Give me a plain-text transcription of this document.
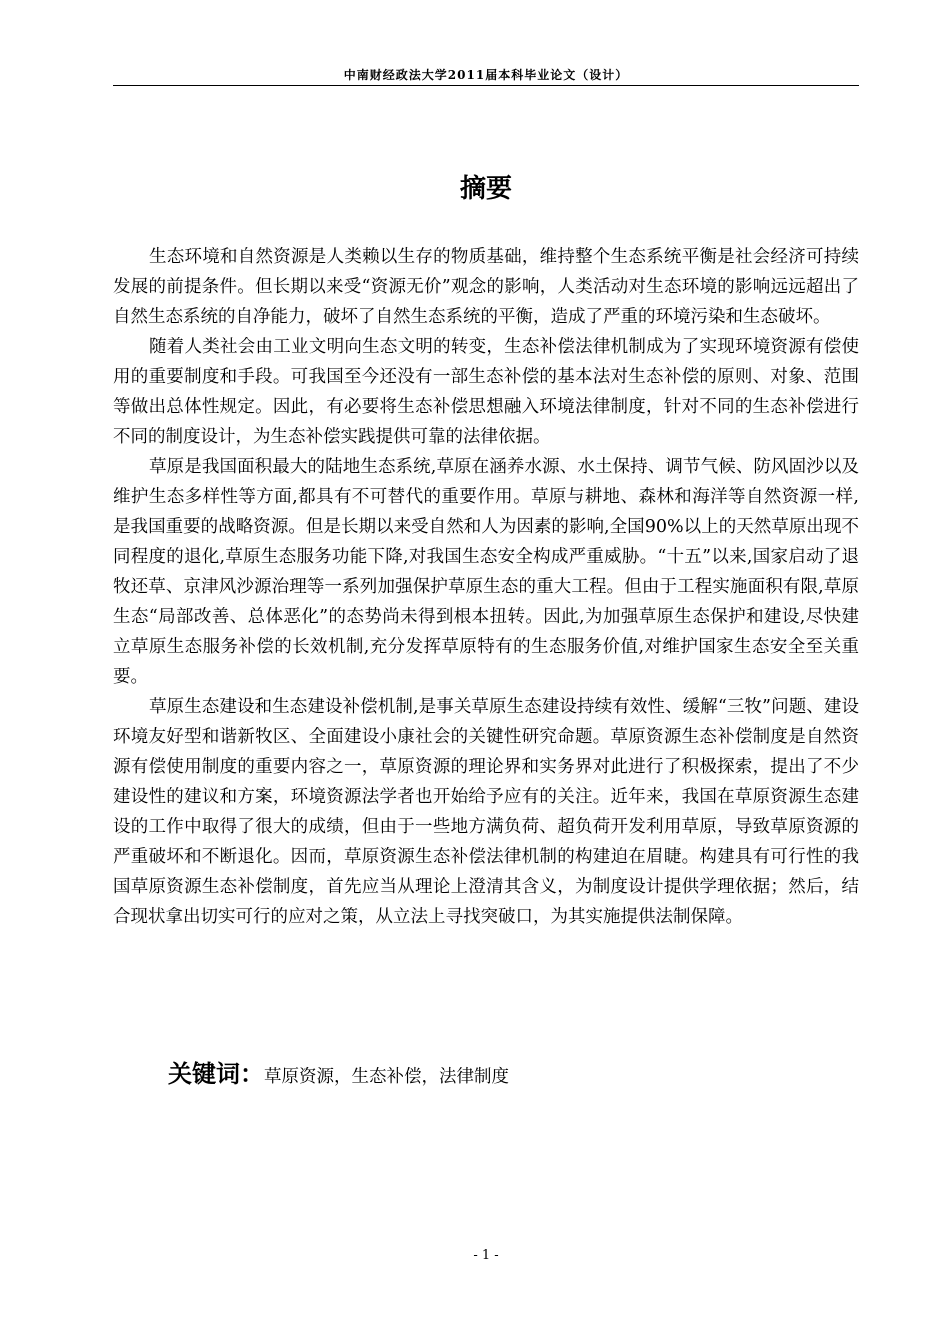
中南财经政法大学2011届本科毕业论文（设计）
摘要

生态环境和自然资源是人类赖以生存的物质基础，维持整个生态系统平衡是社会经济可持续发展的前提条件。但长期以来受“资源无价”观念的影响，人类活动对生态环境的影响远远超出了自然生态系统的自净能力，破坏了自然生态系统的平衡，造成了严重的环境污染和生态破坏。

随着人类社会由工业文明向生态文明的转变，生态补偿法律机制成为了实现环境资源有偿使用的重要制度和手段。可我国至今还没有一部生态补偿的基本法对生态补偿的原则、对象、范围等做出总体性规定。因此，有必要将生态补偿思想融入环境法律制度，针对不同的生态补偿进行不同的制度设计，为生态补偿实践提供可靠的法律依据。

草原是我国面积最大的陆地生态系统,草原在涵养水源、水土保持、调节气候、防风固沙以及维护生态多样性等方面,都具有不可替代的重要作用。草原与耕地、森林和海洋等自然资源一样,是我国重要的战略资源。但是长期以来受自然和人为因素的影响,全国90%以上的天然草原出现不同程度的退化,草原生态服务功能下降,对我国生态安全构成严重威胁。“十五”以来,国家启动了退牧还草、京津风沙源治理等一系列加强保护草原生态的重大工程。但由于工程实施面积有限,草原生态“局部改善、总体恶化”的态势尚未得到根本扭转。因此,为加强草原生态保护和建设,尽快建立草原生态服务补偿的长效机制,充分发挥草原特有的生态服务价值,对维护国家生态安全至关重要。

草原生态建设和生态建设补偿机制,是事关草原生态建设持续有效性、缓解“三牧”问题、建设环境友好型和谐新牧区、全面建设小康社会的关键性研究命题。草原资源生态补偿制度是自然资源有偿使用制度的重要内容之一，草原资源的理论界和实务界对此进行了积极探索，提出了不少建设性的建议和方案，环境资源法学者也开始给予应有的关注。近年来，我国在草原资源生态建设的工作中取得了很大的成绩，但由于一些地方满负荷、超负荷开发利用草原，导致草原资源的严重破坏和不断退化。因而，草原资源生态补偿法律机制的构建迫在眉睫。构建具有可行性的我国草原资源生态补偿制度，首先应当从理论上澄清其含义，为制度设计提供学理依据；然后，结合现状拿出切实可行的应对之策，从立法上寻找突破口，为其实施提供法制保障。

关键词：草原资源，生态补偿，法律制度
- 1 -
